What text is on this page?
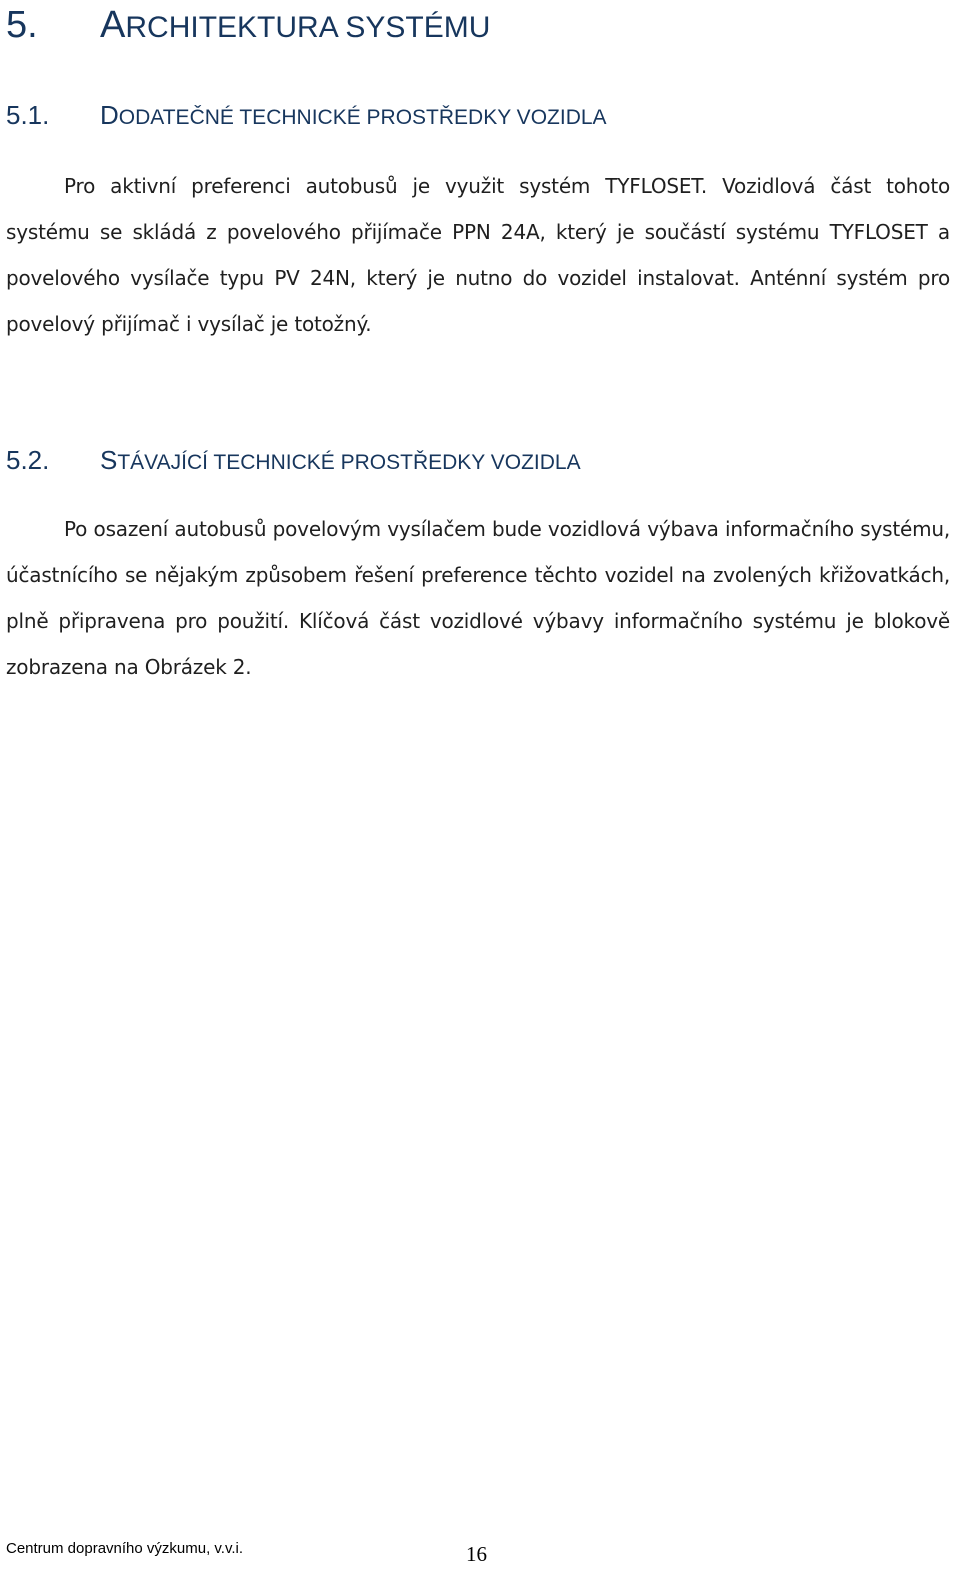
5. ARCHITEKTURA SYSTÉMU
5.1. DODATEČNÉ TECHNICKÉ PROSTŘEDKY VOZIDLA
Pro aktivní preferenci autobusů je využit systém TYFLOSET. Vozidlová část tohoto systému se skládá z povelového přijímače PPN 24A, který je součástí systému TYFLOSET a povelového vysílače typu PV 24N, který je nutno do vozidel instalovat. Anténní systém pro povelový přijímač i vysílač je totožný.
5.2. STÁVAJÍCÍ TECHNICKÉ PROSTŘEDKY VOZIDLA
Po osazení autobusů povelovým vysílačem bude vozidlová výbava informačního systému, účastnícího se nějakým způsobem řešení preference těchto vozidel na zvolených křižovatkách, plně připravena pro použití. Klíčová část vozidlové výbavy informačního systému je blokově zobrazena na Obrázek 2.
Centrum dopravního výzkumu, v.v.i.	16
